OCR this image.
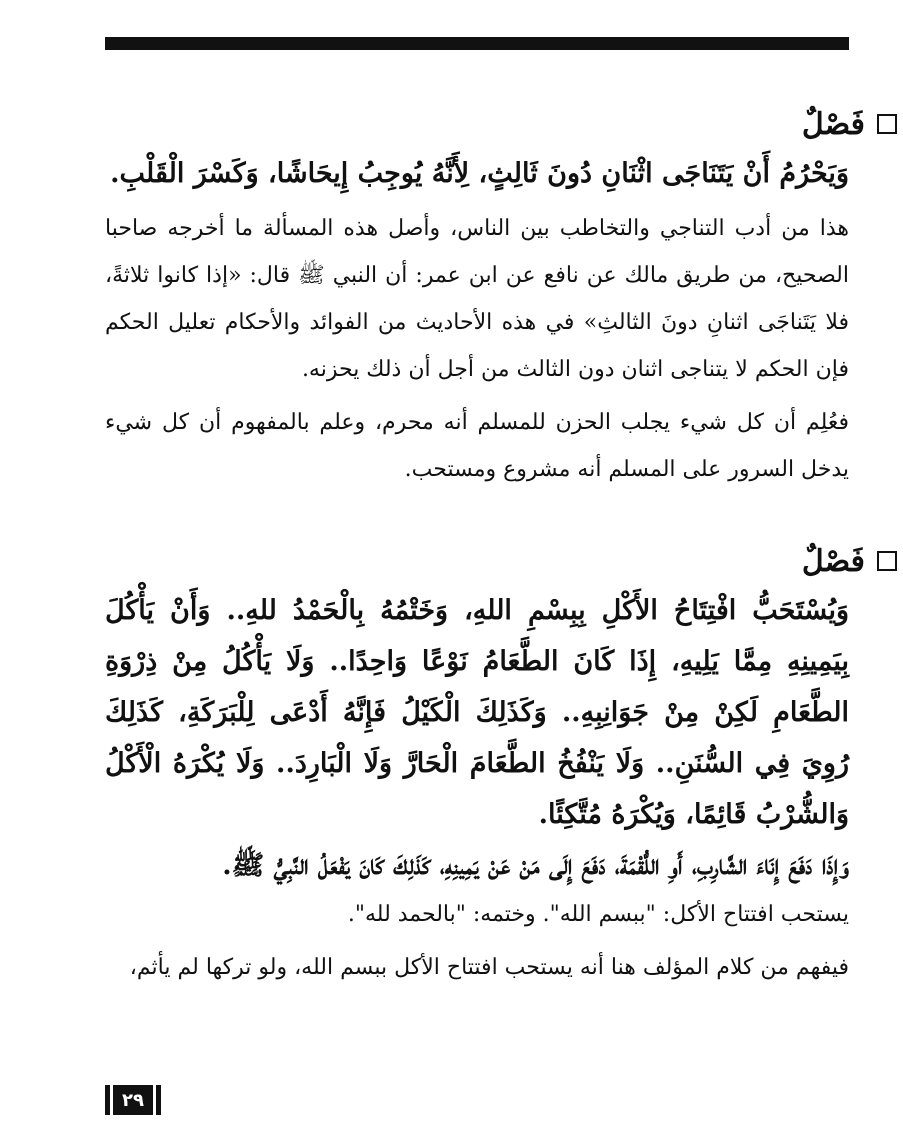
فَصْلٌ

وَيَحْرُمُ أَنْ يَتَنَاجَى اثْنَانِ دُونَ ثَالِثٍ، لِأَنَّهُ يُوجِبُ إِيحَاشًا، وَكَسْرَ الْقَلْبِ.

هذا من أدب التناجي والتخاطب بين الناس، وأصل هذه المسألة ما أخرجه صاحبا الصحيح، من طريق مالك عن نافع عن ابن عمر: أن النبي ﷺ قال: «إذا كانوا ثلاثةً، فلا يَتَناجَى اثنانِ دونَ الثالثِ» في هذه الأحاديث من الفوائد والأحكام تعليل الحكم فإن الحكم لا يتناجى اثنان دون الثالث من أجل أن ذلك يحزنه.

فعُلِم أن كل شيء يجلب الحزن للمسلم أنه محرم، وعلم بالمفهوم أن كل شيء يدخل السرور على المسلم أنه مشروع ومستحب.

فَصْلٌ

وَيُسْتَحَبُّ افْتِتَاحُ الأَكْلِ بِبِسْمِ اللهِ، وَخَتْمُهُ بِالْحَمْدُ للهِ.. وَأَنْ يَأْكُلَ بِيَمِينِهِ مِمَّا يَلِيهِ، إِذَا كَانَ الطَّعَامُ نَوْعًا وَاحِدًا.. وَلَا يَأْكُلُ مِنْ ذِرْوَةِ الطَّعَامِ لَكِنْ مِنْ جَوَانِبِهِ.. وَكَذَلِكَ الْكَيْلُ فَإِنَّهُ أَدْعَى لِلْبَرَكَةِ، كَذَلِكَ رُوِيَ فِي السُّنَنِ.. وَلَا يَنْفُخُ الطَّعَامَ الْحَارَّ وَلَا الْبَارِدَ.. وَلَا يُكْرَهُ الْأَكْلُ وَالشُّرْبُ قَائِمًا، وَيُكْرَهُ مُتَّكِئًا.

وَإِذَا دَفَعَ إِنَاءَ الشَّارِبِ، أَوِ اللُّقْمَةَ، دَفَعَ إِلَى مَنْ عَنْ يَمِينِهِ، كَذَلِكَ كَانَ يَفْعَلُ النَّبِيُّ ﷺ.

يستحب افتتاح الأكل: "ببسم الله". وختمه: "بالحمد لله".

فيفهم من كلام المؤلف هنا أنه يستحب افتتاح الأكل ببسم الله، ولو تركها لم يأثم،

٢٩
